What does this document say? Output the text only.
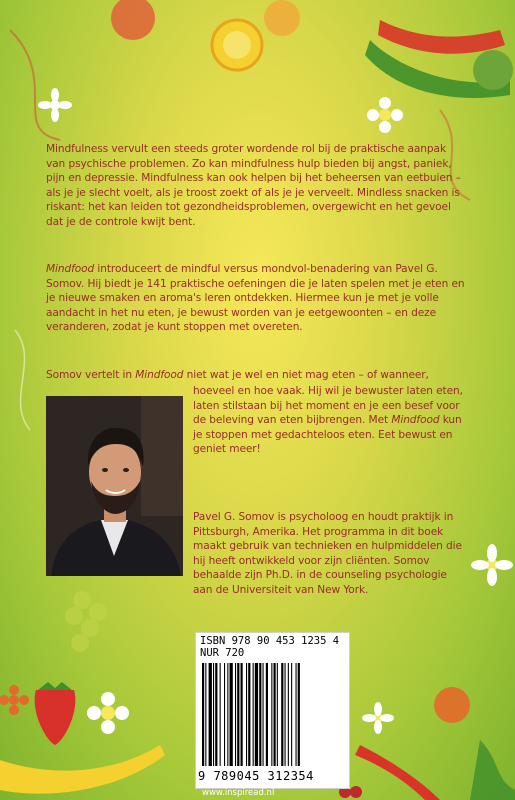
Mindfulness vervult een steeds groter wordende rol bij de praktische aanpak van psychische problemen. Zo kan mindfulness hulp bieden bij angst, paniek, pijn en depressie. Mindfulness kan ook helpen bij het beheersen van eetbuien – als je je slecht voelt, als je troost zoekt of als je je verveelt. Mindless snacken is riskant: het kan leiden tot gezondheidsproblemen, overgewicht en het gevoel dat je de controle kwijt bent.

Mindfood introduceert de mindful versus mondvol-benadering van Pavel G. Somov. Hij biedt je 141 praktische oefeningen die je laten spelen met je eten en je nieuwe smaken en aroma's leren ontdekken. Hiermee kun je met je volle aandacht in het nu eten, je bewust worden van je eetgewoonten – en deze veranderen, zodat je kunt stoppen met overeten.

Somov vertelt in Mindfood niet wat je wel en niet mag eten – of wanneer,

hoeveel en hoe vaak. Hij wil je bewuster laten eten, laten stilstaan bij het moment en je een besef voor de beleving van eten bijbrengen. Met Mindfood kun je stoppen met gedachteloos eten. Eet bewust en geniet meer!

Pavel G. Somov is psycholoog en houdt praktijk in Pittsburgh, Amerika. Het programma in dit boek maakt gebruik van technieken en hulpmiddelen die hij heeft ontwikkeld voor zijn cliënten. Somov behaalde zijn Ph.D. in de counseling psychologie aan de Universiteit van New York.

ISBN 978 90 453 1235 4
NUR 720
9 789045 312354
www.inspiread.nl
